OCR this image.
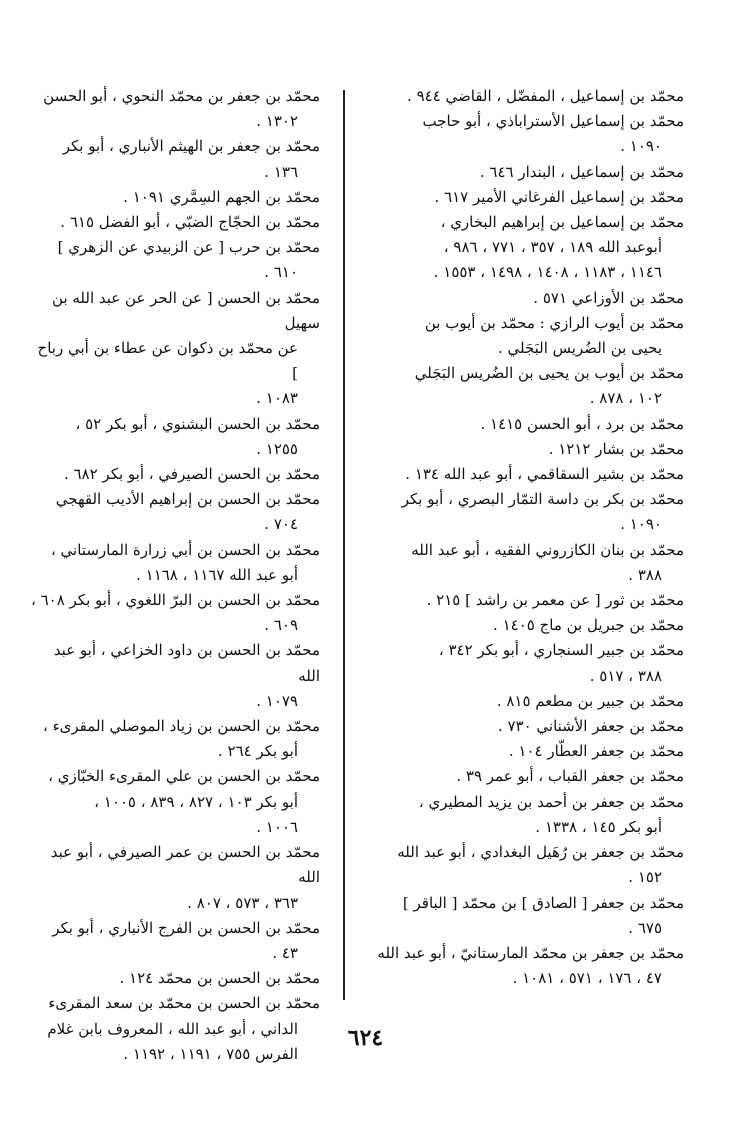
محمّد بن إسماعيل ، المفضّل ، القاضي ٩٤٤ .
محمّد بن إسماعيل الأستراباذي ، أبو حاجب
١٠٩٠ .
محمّد بن إسماعيل ، البندار ٦٤٦ .
محمّد بن إسماعيل الفرغاني الأمير ٦١٧ .
محمّد بن إسماعيل بن إبراهيم البخاري ،
أبوعبد الله ١٨٩ ، ٣٥٧ ، ٧٧١ ، ٩٨٦ ،
١١٤٦ ، ١١٨٣ ، ١٤٠٨ ، ١٤٩٨ ، ١٥٥٣ .
محمّد بن الأوزاعي ٥٧١ .
محمّد بن أيوب الرازي : محمّد بن أيوب بن
يحيى بن الضُريس البَجَلي .
محمّد بن أيوب بن يحيى بن الضُريس البَجَلي
١٠٢ ، ٨٧٨ .
محمّد بن برد ، أبو الحسن ١٤١٥ .
محمّد بن بشار ١٢١٢ .
محمّد بن بشير السقاقمي ، أبو عبد الله ١٣٤ .
محمّد بن بكر بن داسة التمّار البصري ، أبو بكر
١٠٩٠ .
محمّد بن بنان الكازروني الفقيه ، أبو عبد الله
٣٨٨ .
محمّد بن ثور [ عن معمر بن راشد ] ٢١٥ .
محمّد بن جبريل بن ماج ١٤٠٥ .
محمّد بن جبير السنجاري ، أبو بكر ٣٤٢ ،
٣٨٨ ، ٥١٧ .
محمّد بن جبير بن مطعم ٨١٥ .
محمّد بن جعفر الأشناني ٧٣٠ .
محمّد بن جعفر العطّار ١٠٤ .
محمّد بن جعفر القباب ، أبو عمر ٣٩ .
محمّد بن جعفر بن أحمد بن يزيد المطيري ،
أبو بكر ١٤٥ ، ١٣٣٨ .
محمّد بن جعفر بن رُهَيل البغدادي ، أبو عبد الله
١٥٢ .
محمّد بن جعفر [ الصادق ] بن محمّد [ الباقر ]
٦٧٥ .
محمّد بن جعفر بن محمّد المارستانيّ ، أبو عبد الله
٤٧ ، ١٧٦ ، ٥٧١ ، ١٠٨١ .
محمّد بن جعفر بن محمّد النحوي ، أبو الحسن
١٣٠٢ .
محمّد بن جعفر بن الهيثم الأنباري ، أبو بكر
١٣٦ .
محمّد بن الجهم السِمَّري ١٠٩١ .
محمّد بن الحجّاج الضبّي ، أبو الفضل ٦١٥ .
محمّد بن حرب [ عن الزبيدي عن الزهري ]
٦١٠ .
محمّد بن الحسن [ عن الحر عن عبد الله بن سهيل
عن محمّد بن ذكوان عن عطاء بن أبي رباح ]
١٠٨٣ .
محمّد بن الحسن البشنوي ، أبو بكر ٥٢ ،
١٢٥٥ .
محمّد بن الحسن الصيرفي ، أبو بكر ٦٨٢ .
محمّد بن الحسن بن إبراهيم الأديب القهجي
٧٠٤ .
محمّد بن الحسن بن أبي زرارة المارستاني ،
أبو عبد الله ١١٦٧ ، ١١٦٨ .
محمّد بن الحسن بن البرّ اللغوي ، أبو بكر ٦٠٨ ،
٦٠٩ .
محمّد بن الحسن بن داود الخزاعي ، أبو عبد الله
١٠٧٩ .
محمّد بن الحسن بن زياد الموصلي المقرىء ،
أبو بكر ٢٦٤ .
محمّد بن الحسن بن علي المقرىء الخبّازي ،
أبو بكر ١٠٣ ، ٨٢٧ ، ٨٣٩ ، ١٠٠٥ ،
١٠٠٦ .
محمّد بن الحسن بن عمر الصيرفي ، أبو عبد الله
٣٦٣ ، ٥٧٣ ، ٨٠٧ .
محمّد بن الحسن بن الفرج الأنباري ، أبو بكر
٤٣ .
محمّد بن الحسن بن محمّد ١٢٤ .
محمّد بن الحسن بن محمّد بن سعد المقرىء
الداني ، أبو عبد الله ، المعروف بابن غلام
الفرس ٧٥٥ ، ١١٩١ ، ١١٩٢ .
٦٢٤
